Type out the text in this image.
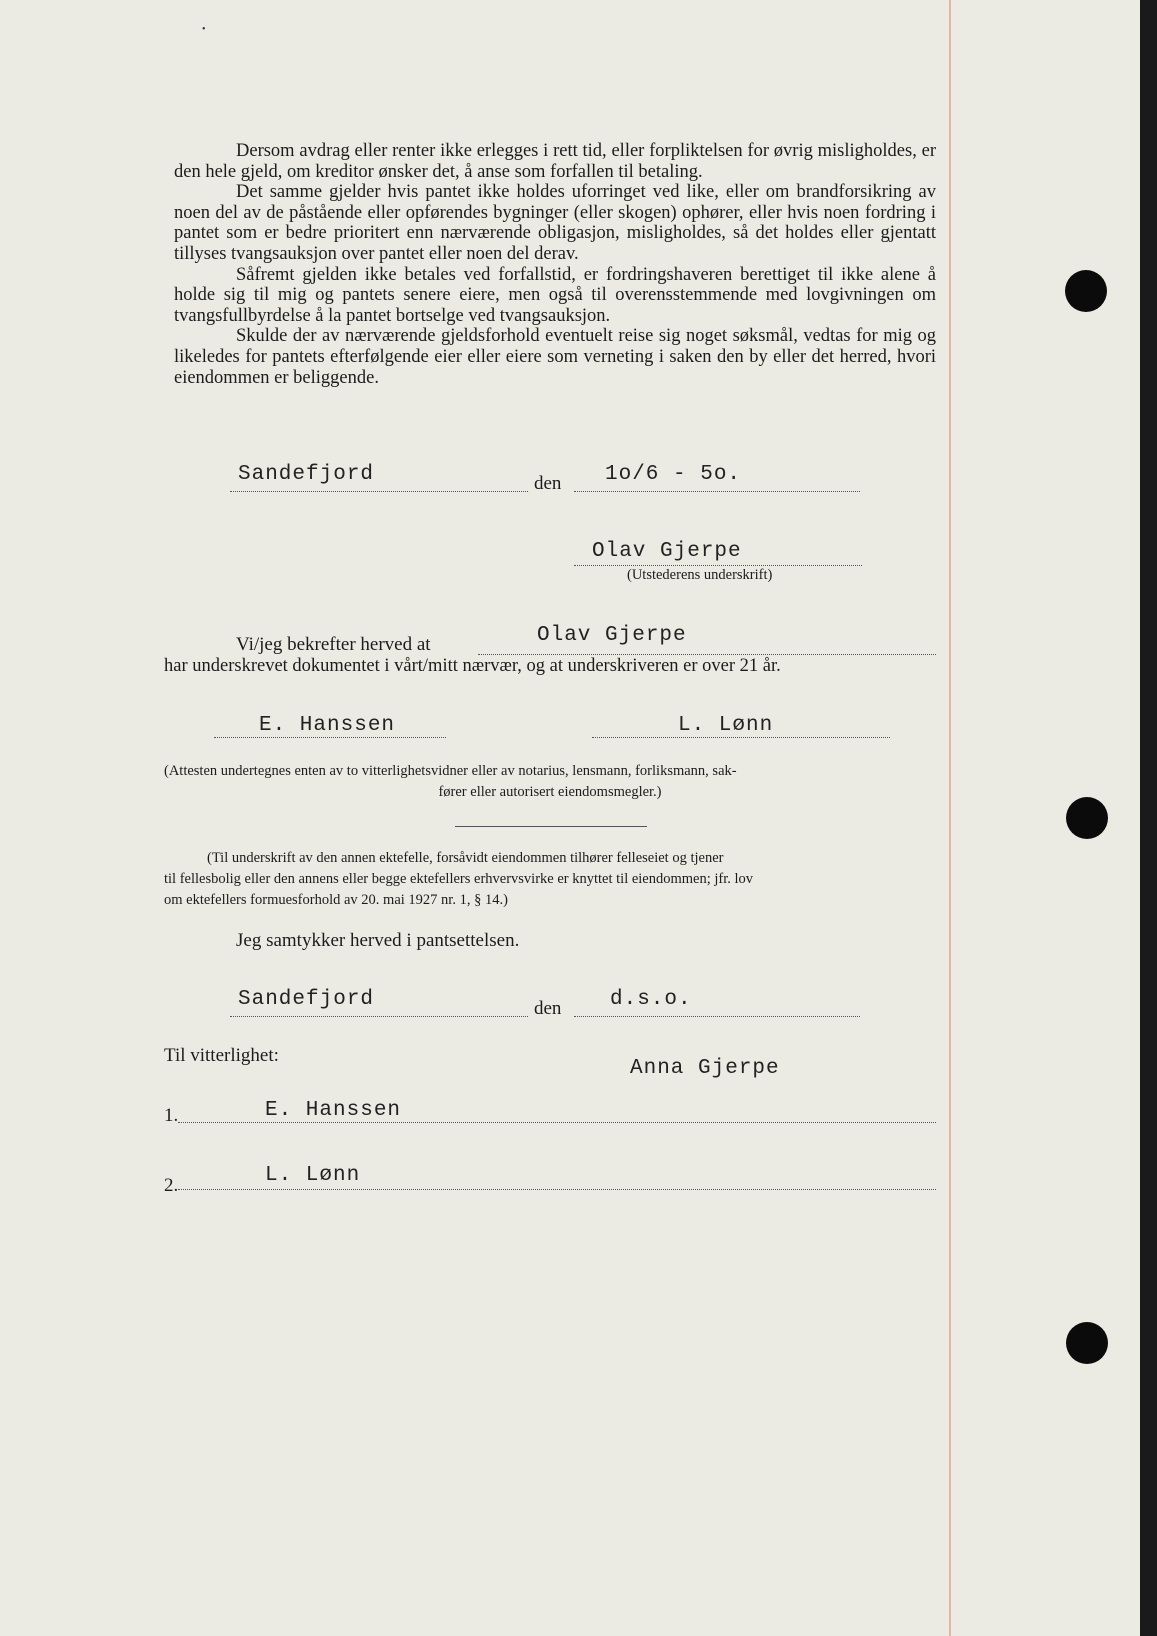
Dersom avdrag eller renter ikke erlegges i rett tid, eller forpliktelsen for øvrig misligholdes, er den hele gjeld, om kreditor ønsker det, å anse som forfallen til betaling.

Det samme gjelder hvis pantet ikke holdes uforringet ved like, eller om brandforsikring av noen del av de påstående eller opførendes bygninger (eller skogen) ophører, eller hvis noen fordring i pantet som er bedre prioritert enn nærværende obligasjon, misligholdes, så det holdes eller gjentatt tillyses tvangsauksjon over pantet eller noen del derav.

Såfremt gjelden ikke betales ved forfallstid, er fordringshaveren berettiget til ikke alene å holde sig til mig og pantets senere eiere, men også til overensstemmende med lovgivningen om tvangsfullbyrdelse å la pantet bortselge ved tvangsauksjon.

Skulde der av nærværende gjeldsforhold eventuelt reise sig noget søksmål, vedtas for mig og likeledes for pantets efterfølgende eier eller eiere som verneting i saken den by eller det herred, hvori eiendommen er beliggende.

Sandefjord	den 1o/6 - 5o.
Olav Gjerpe
(Utstederens underskrift)
Vi/jeg bekrefter herved at	Olav Gjerpe
har underskrevet dokumentet i vårt/mitt nærvær, og at underskriveren er over 21 år.
E. Hanssen	L. Lønn
(Attesten undertegnes enten av to vitterlighetsvidner eller av notarius, lensmann, forliksmann, sak-
fører eller autorisert eiendomsmegler.)
(Til underskrift av den annen ektefelle, forsåvidt eiendommen tilhører felleseiet og tjener
til fellesbolig eller den annens eller begge ektefellers erhvervsvirke er knyttet til eiendommen; jfr. lov
om ektefellers formuesforhold av 20. mai 1927 nr. 1, § 14.)
Jeg samtykker herved i pantsettelsen.
Sandefjord	den d.s.o.
Til vitterlighet:
Anna Gjerpe
1.	E. Hanssen
2.	L. Lønn
•
